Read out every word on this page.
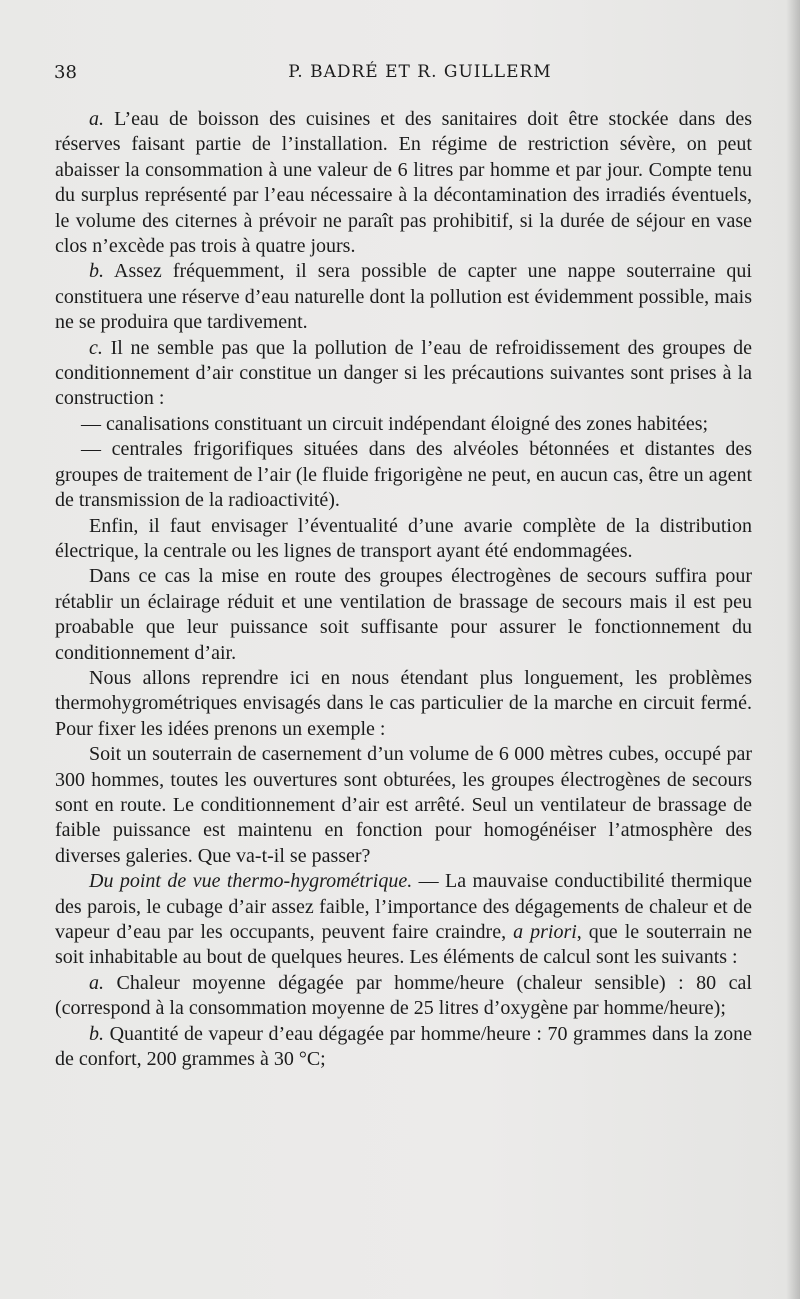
38	P. BADRÉ ET R. GUILLERM

a. L’eau de boisson des cuisines et des sanitaires doit être stockée dans des réserves faisant partie de l’installation. En régime de restriction sévère, on peut abaisser la consommation à une valeur de 6 litres par homme et par jour. Compte tenu du surplus représenté par l’eau nécessaire à la décontamination des irradiés éventuels, le volume des citernes à prévoir ne paraît pas prohibitif, si la durée de séjour en vase clos n’excède pas trois à quatre jours.

b. Assez fréquemment, il sera possible de capter une nappe souterraine qui constituera une réserve d’eau naturelle dont la pollution est évidemment possible, mais ne se produira que tardivement.

c. Il ne semble pas que la pollution de l’eau de refroidissement des groupes de conditionnement d’air constitue un danger si les précautions suivantes sont prises à la construction :

— canalisations constituant un circuit indépendant éloigné des zones habitées;

— centrales frigorifiques situées dans des alvéoles bétonnées et distantes des groupes de traitement de l’air (le fluide frigorigène ne peut, en aucun cas, être un agent de transmission de la radioactivité).

Enfin, il faut envisager l’éventualité d’une avarie complète de la distribution électrique, la centrale ou les lignes de transport ayant été endommagées.

Dans ce cas la mise en route des groupes électrogènes de secours suffira pour rétablir un éclairage réduit et une ventilation de brassage de secours mais il est peu proabable que leur puissance soit suffisante pour assurer le fonctionnement du conditionnement d’air.

Nous allons reprendre ici en nous étendant plus longuement, les problèmes thermohygrométriques envisagés dans le cas particulier de la marche en circuit fermé. Pour fixer les idées prenons un exemple :

Soit un souterrain de casernement d’un volume de 6 000 mètres cubes, occupé par 300 hommes, toutes les ouvertures sont obturées, les groupes électrogènes de secours sont en route. Le conditionnement d’air est arrêté. Seul un ventilateur de brassage de faible puissance est maintenu en fonction pour homogénéiser l’atmosphère des diverses galeries. Que va-t-il se passer?

Du point de vue thermo-hygrométrique. — La mauvaise conductibilité thermique des parois, le cubage d’air assez faible, l’importance des dégagements de chaleur et de vapeur d’eau par les occupants, peuvent faire craindre, a priori, que le souterrain ne soit inhabitable au bout de quelques heures. Les éléments de calcul sont les suivants :

a. Chaleur moyenne dégagée par homme/heure (chaleur sensible) : 80 cal (correspond à la consommation moyenne de 25 litres d’oxygène par homme/heure);

b. Quantité de vapeur d’eau dégagée par homme/heure : 70 grammes dans la zone de confort, 200 grammes à 30 °C;
